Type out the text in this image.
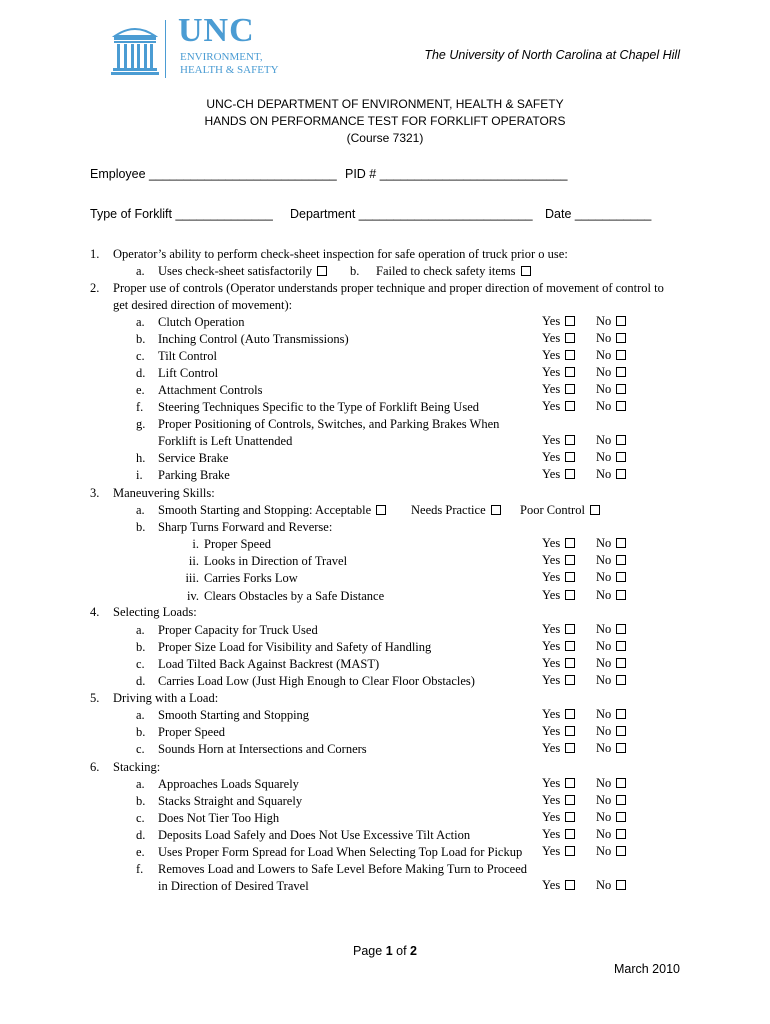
UNC
ENVIRONMENT,
HEALTH & SAFETY
The University of North Carolina at Chapel Hill
UNC-CH DEPARTMENT OF ENVIRONMENT, HEALTH & SAFETY
HANDS ON PERFORMANCE TEST FOR FORKLIFT OPERATORS
(Course 7321)
Employee ___________________________ PID # ___________________________
Type of Forklift ______________ Department _________________________ Date ___________
1. Operator’s ability to perform check-sheet inspection for safe operation of truck prior o use:
a. Uses check-sheet satisfactorily	b. Failed to check safety items
2. Proper use of controls (Operator understands proper technique and proper direction of movement of control to
get desired direction of movement):
a. Clutch Operation	Yes	No
b. Inching Control (Auto Transmissions)	Yes	No
c. Tilt Control	Yes	No
d. Lift Control	Yes	No
e. Attachment Controls	Yes	No
f. Steering Techniques Specific to the Type of Forklift Being Used	Yes	No
g. Proper Positioning of Controls, Switches, and Parking Brakes When
Forklift is Left Unattended	Yes	No
h. Service Brake	Yes	No
i. Parking Brake	Yes	No
3. Maneuvering Skills:
a. Smooth Starting and Stopping: Acceptable	Needs Practice	Poor Control
b. Sharp Turns Forward and Reverse:
i. Proper Speed	Yes	No
ii. Looks in Direction of Travel	Yes	No
iii. Carries Forks Low	Yes	No
iv. Clears Obstacles by a Safe Distance	Yes	No
4. Selecting Loads:
a. Proper Capacity for Truck Used	Yes	No
b. Proper Size Load for Visibility and Safety of Handling	Yes	No
c. Load Tilted Back Against Backrest (MAST)	Yes	No
d. Carries Load Low (Just High Enough to Clear Floor Obstacles)	Yes	No
5. Driving with a Load:
a. Smooth Starting and Stopping	Yes	No
b. Proper Speed	Yes	No
c. Sounds Horn at Intersections and Corners	Yes	No
6. Stacking:
a. Approaches Loads Squarely	Yes	No
b. Stacks Straight and Squarely	Yes	No
c. Does Not Tier Too High	Yes	No
d. Deposits Load Safely and Does Not Use Excessive Tilt Action	Yes	No
e. Uses Proper Form Spread for Load When Selecting Top Load for Pickup Yes	No
f. Removes Load and Lowers to Safe Level Before Making Turn to Proceed
in Direction of Desired Travel	Yes	No
Page 1 of 2
March 2010
